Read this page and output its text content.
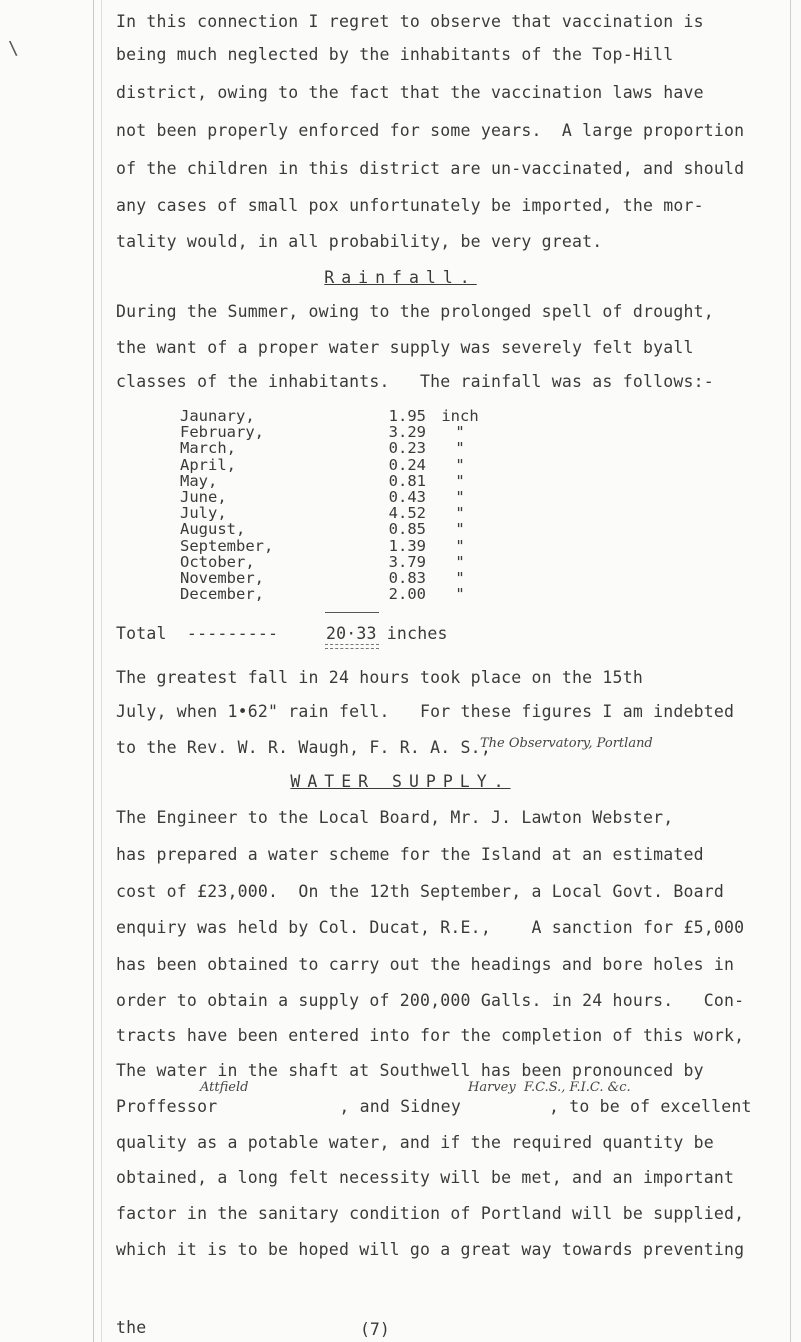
\
In this connection I regret to observe that vaccination is
being much neglected by the inhabitants of the Top-Hill
district, owing to the fact that the vaccination laws have
not been properly enforced for some years.  A large proportion
of the children in this district are un-vaccinated, and should
any cases of small pox unfortunately be imported, the mor-
tality would, in all probability, be very great.
Rainfall.
During the Summer, owing to the prolonged spell of drought,
the want of a proper water supply was severely felt byall
classes of the inhabitants.   The rainfall was as follows:-
Jaunary,	1.95	inch
February,	3.29	"
March,	0.23	"
April,	0.24	"
May,	0.81	"
June,	0.43	"
July,	4.52	"
August,	0.85	"
September,	1.39	"
October,	3.79	"
November,	0.83	"
December,	2.00	"
Total  ---------	20·33 inches
The greatest fall in 24 hours took place on the 15th
July, when 1•62" rain fell.   For these figures I am indebted
to the Rev. W. R. Waugh, F. R. A. S.,
The Observatory, Portland
WATER SUPPLY.
The Engineer to the Local Board, Mr. J. Lawton Webster,
has prepared a water scheme for the Island at an estimated
cost of £23,000.  On the 12th September, a Local Govt. Board
enquiry was held by Col. Ducat, R.E.,    A sanction for £5,000
has been obtained to carry out the headings and bore holes in
order to obtain a supply of 200,000 Galls. in 24 hours.   Con-
tracts have been entered into for the completion of this work,
The water in the shaft at Southwell has been pronounced by
Attfield	Harvey  F.C.S., F.I.C. &c.
Proffessor	, and Sidney	, to be of excellent
quality as a potable water, and if the required quantity be
obtained, a long felt necessity will be met, and an important
factor in the sanitary condition of Portland will be supplied,
which it is to be hoped will go a great way towards preventing
the	(7)
